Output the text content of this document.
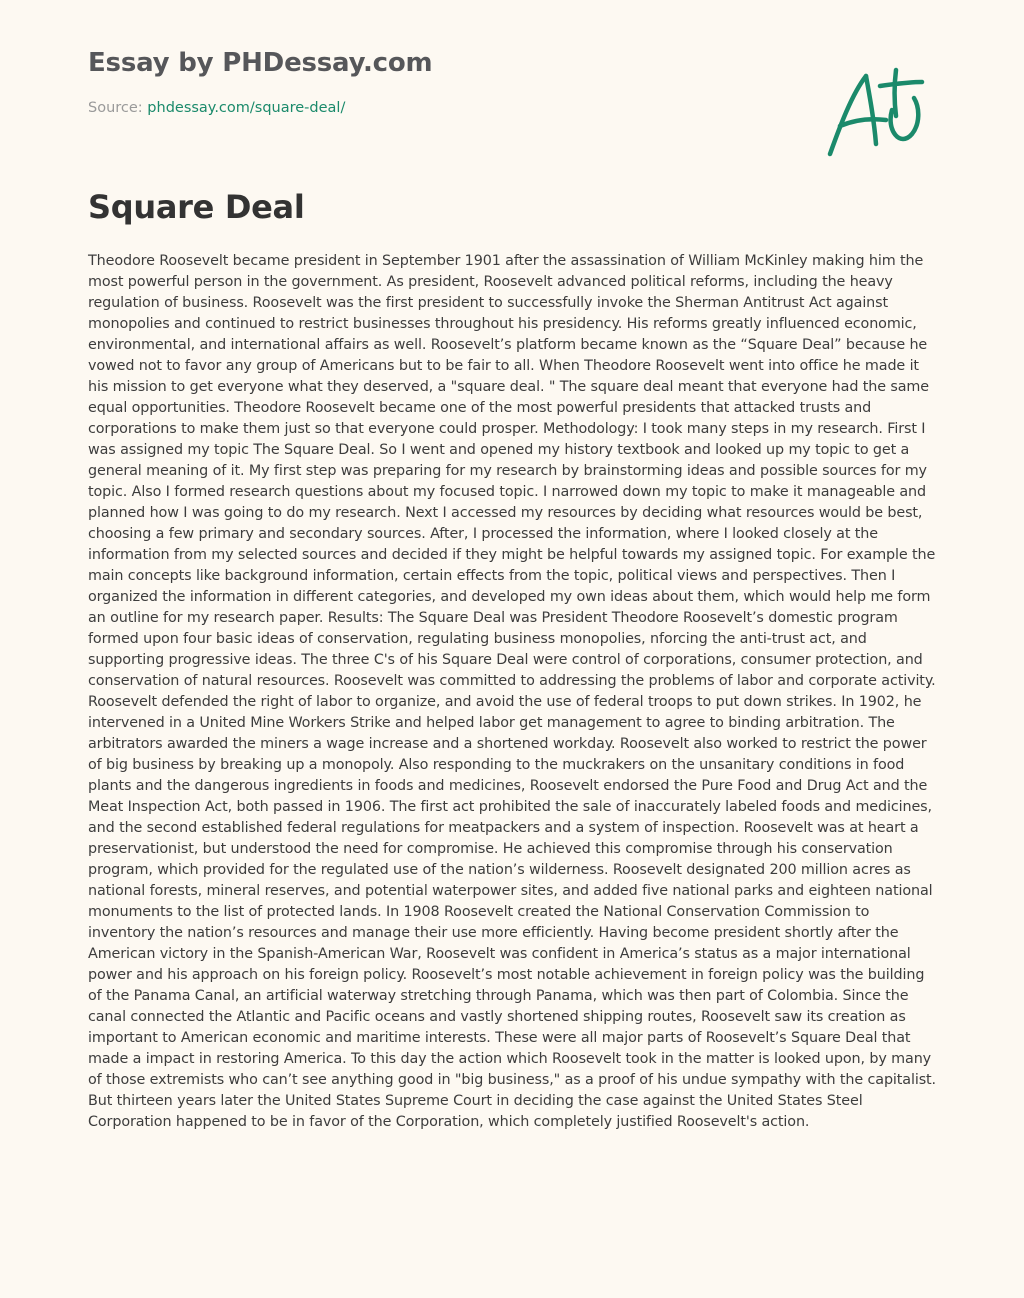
Essay by PHDessay.com
Source: phdessay.com/square-deal/
Square Deal

Theodore Roosevelt became president in September 1901 after the assassination of William McKinley making him the most powerful person in the government. As president, Roosevelt advanced political reforms, including the heavy regulation of business. Roosevelt was the first president to successfully invoke the Sherman Antitrust Act against monopolies and continued to restrict businesses throughout his presidency. His reforms greatly influenced economic, environmental, and international affairs as well. Roosevelt’s platform became known as the “Square Deal” because he vowed not to favor any group of Americans but to be fair to all. When Theodore Roosevelt went into office he made it his mission to get everyone what they deserved, a "square deal. " The square deal meant that everyone had the same equal opportunities. Theodore Roosevelt became one of the most powerful presidents that attacked trusts and corporations to make them just so that everyone could prosper. Methodology: I took many steps in my research. First I was assigned my topic The Square Deal. So I went and opened my history textbook and looked up my topic to get a general meaning of it. My first step was preparing for my research by brainstorming ideas and possible sources for my topic. Also I formed research questions about my focused topic. I narrowed down my topic to make it manageable and planned how I was going to do my research. Next I accessed my resources by deciding what resources would be best, choosing a few primary and secondary sources. After, I processed the information, where I looked closely at the information from my selected sources and decided if they might be helpful towards my assigned topic. For example the main concepts like background information, certain effects from the topic, political views and perspectives. Then I organized the information in different categories, and developed my own ideas about them, which would help me form an outline for my research paper. Results: The Square Deal was President Theodore Roosevelt’s domestic program formed upon four basic ideas of conservation, regulating business monopolies, nforcing the anti-trust act, and supporting progressive ideas. The three C's of his Square Deal were control of corporations, consumer protection, and conservation of natural resources. Roosevelt was committed to addressing the problems of labor and corporate activity. Roosevelt defended the right of labor to organize, and avoid the use of federal troops to put down strikes. In 1902, he intervened in a United Mine Workers Strike and helped labor get management to agree to binding arbitration. The arbitrators awarded the miners a wage increase and a shortened workday. Roosevelt also worked to restrict the power of big business by breaking up a monopoly. Also responding to the muckrakers on the unsanitary conditions in food plants and the dangerous ingredients in foods and medicines, Roosevelt endorsed the Pure Food and Drug Act and the Meat Inspection Act, both passed in 1906. The first act prohibited the sale of inaccurately labeled foods and medicines, and the second established federal regulations for meatpackers and a system of inspection. Roosevelt was at heart a preservationist, but understood the need for compromise. He achieved this compromise through his conservation program, which provided for the regulated use of the nation’s wilderness. Roosevelt designated 200 million acres as national forests, mineral reserves, and potential waterpower sites, and added five national parks and eighteen national monuments to the list of protected lands. In 1908 Roosevelt created the National Conservation Commission to inventory the nation’s resources and manage their use more efficiently. Having become president shortly after the American victory in the Spanish-American War, Roosevelt was confident in America’s status as a major international power and his approach on his foreign policy. Roosevelt’s most notable achievement in foreign policy was the building of the Panama Canal, an artificial waterway stretching through Panama, which was then part of Colombia. Since the canal connected the Atlantic and Pacific oceans and vastly shortened shipping routes, Roosevelt saw its creation as important to American economic and maritime interests. These were all major parts of Roosevelt’s Square Deal that made a impact in restoring America. To this day the action which Roosevelt took in the matter is looked upon, by many of those extremists who can’t see anything good in "big business," as a proof of his undue sympathy with the capitalist. But thirteen years later the United States Supreme Court in deciding the case against the United States Steel Corporation happened to be in favor of the Corporation, which completely justified Roosevelt's action.
